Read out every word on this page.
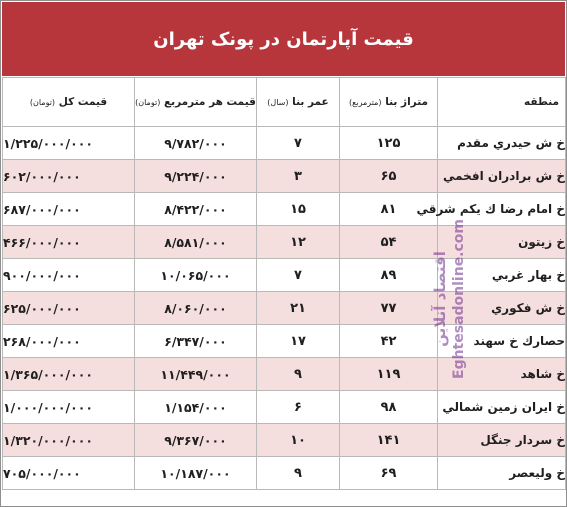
قیمت آپارتمان در پونک تهران
منطقه	متراژ بنا (مترمربع)	عمر بنا (سال)	قیمت هر مترمربع (تومان)	قیمت کل (تومان)
خ ش حيدري مقدم	۱۲۵	۷	۹/۷۸۲/۰۰۰	۱/۲۲۵/۰۰۰/۰۰۰
خ ش برادران افخمي	۶۵	۳	۹/۲۲۴/۰۰۰	۶۰۲/۰۰۰/۰۰۰
خ امام رضا ك يكم شرقي	۸۱	۱۵	۸/۴۲۲/۰۰۰	۶۸۷/۰۰۰/۰۰۰
خ زيتون	۵۴	۱۲	۸/۵۸۱/۰۰۰	۴۶۶/۰۰۰/۰۰۰
خ بهار غربي	۸۹	۷	۱۰/۰۶۵/۰۰۰	۹۰۰/۰۰۰/۰۰۰
خ ش فكوري	۷۷	۲۱	۸/۰۶۰/۰۰۰	۶۲۵/۰۰۰/۰۰۰
حصارك خ سهند	۴۲	۱۷	۶/۳۴۷/۰۰۰	۲۶۸/۰۰۰/۰۰۰
خ شاهد	۱۱۹	۹	۱۱/۴۴۹/۰۰۰	۱/۳۶۵/۰۰۰/۰۰۰
خ ايران زمين شمالي	۹۸	۶	۱/۱۵۴/۰۰۰	۱/۰۰۰/۰۰۰/۰۰۰
خ سردار جنگل	۱۴۱	۱۰	۹/۳۶۷/۰۰۰	۱/۳۲۰/۰۰۰/۰۰۰
خ وليعصر	۶۹	۹	۱۰/۱۸۷/۰۰۰	۷۰۵/۰۰۰/۰۰۰
اقتصاد آنلاین Eghtesadonline.com
